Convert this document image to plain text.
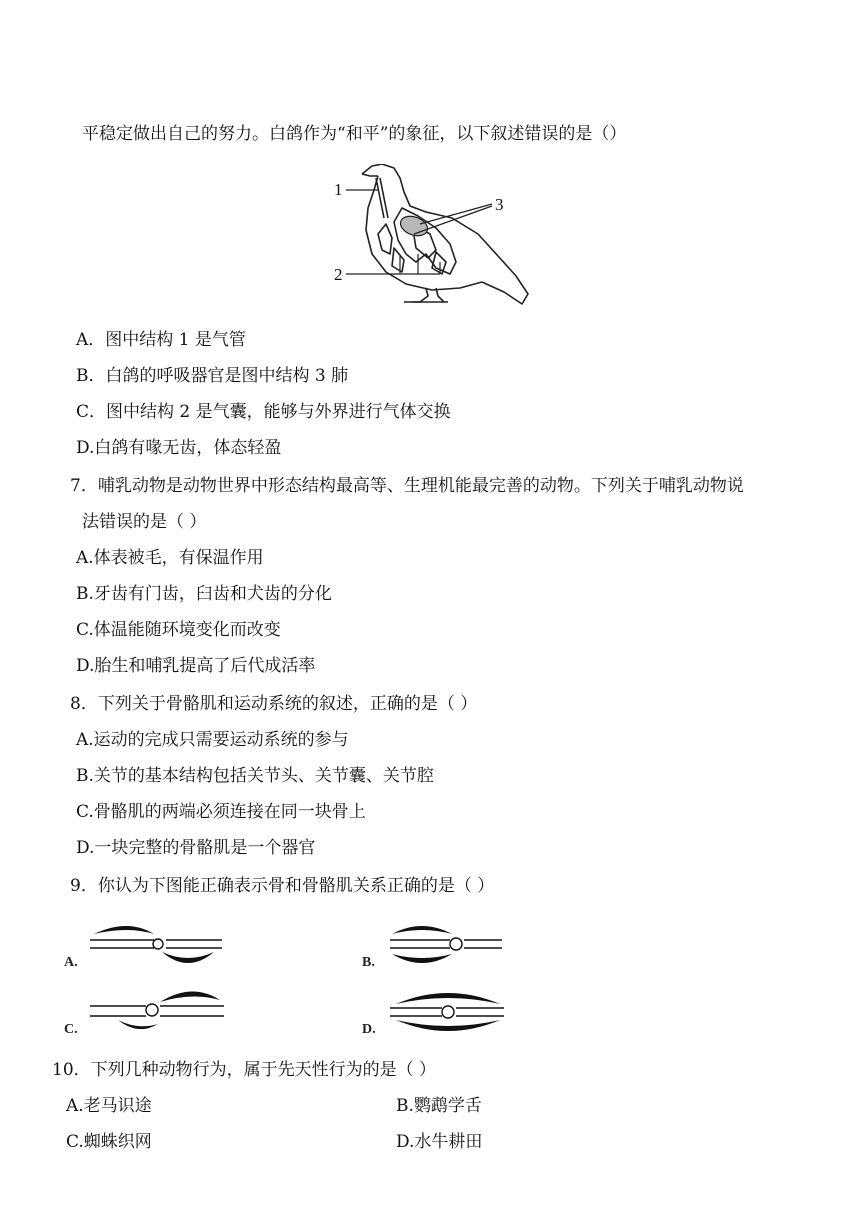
平稳定做出自己的努力。白鸽作为“和平”的象征，以下叙述错误的是（）
1
2
3
A．图中结构 1 是气管
B．白鸽的呼吸器官是图中结构 3 肺
C．图中结构 2 是气囊，能够与外界进行气体交换
D.白鸽有喙无齿，体态轻盈
7．哺乳动物是动物世界中形态结构最高等、生理机能最完善的动物。下列关于哺乳动物说
法错误的是（ ）
A.体表被毛，有保温作用
B.牙齿有门齿，臼齿和犬齿的分化
C.体温能随环境变化而改变
D.胎生和哺乳提高了后代成活率
8．下列关于骨骼肌和运动系统的叙述，正确的是（ ）
A.运动的完成只需要运动系统的参与
B.关节的基本结构包括关节头、关节囊、关节腔
C.骨骼肌的两端必须连接在同一块骨上
D.一块完整的骨骼肌是一个器官
9．你认为下图能正确表示骨和骨骼肌关系正确的是（ ）
A.	B.
C.	D.
10．下列几种动物行为，属于先天性行为的是（ ）
A.老马识途	B.鹦鹉学舌
C.蜘蛛织网	D.水牛耕田
